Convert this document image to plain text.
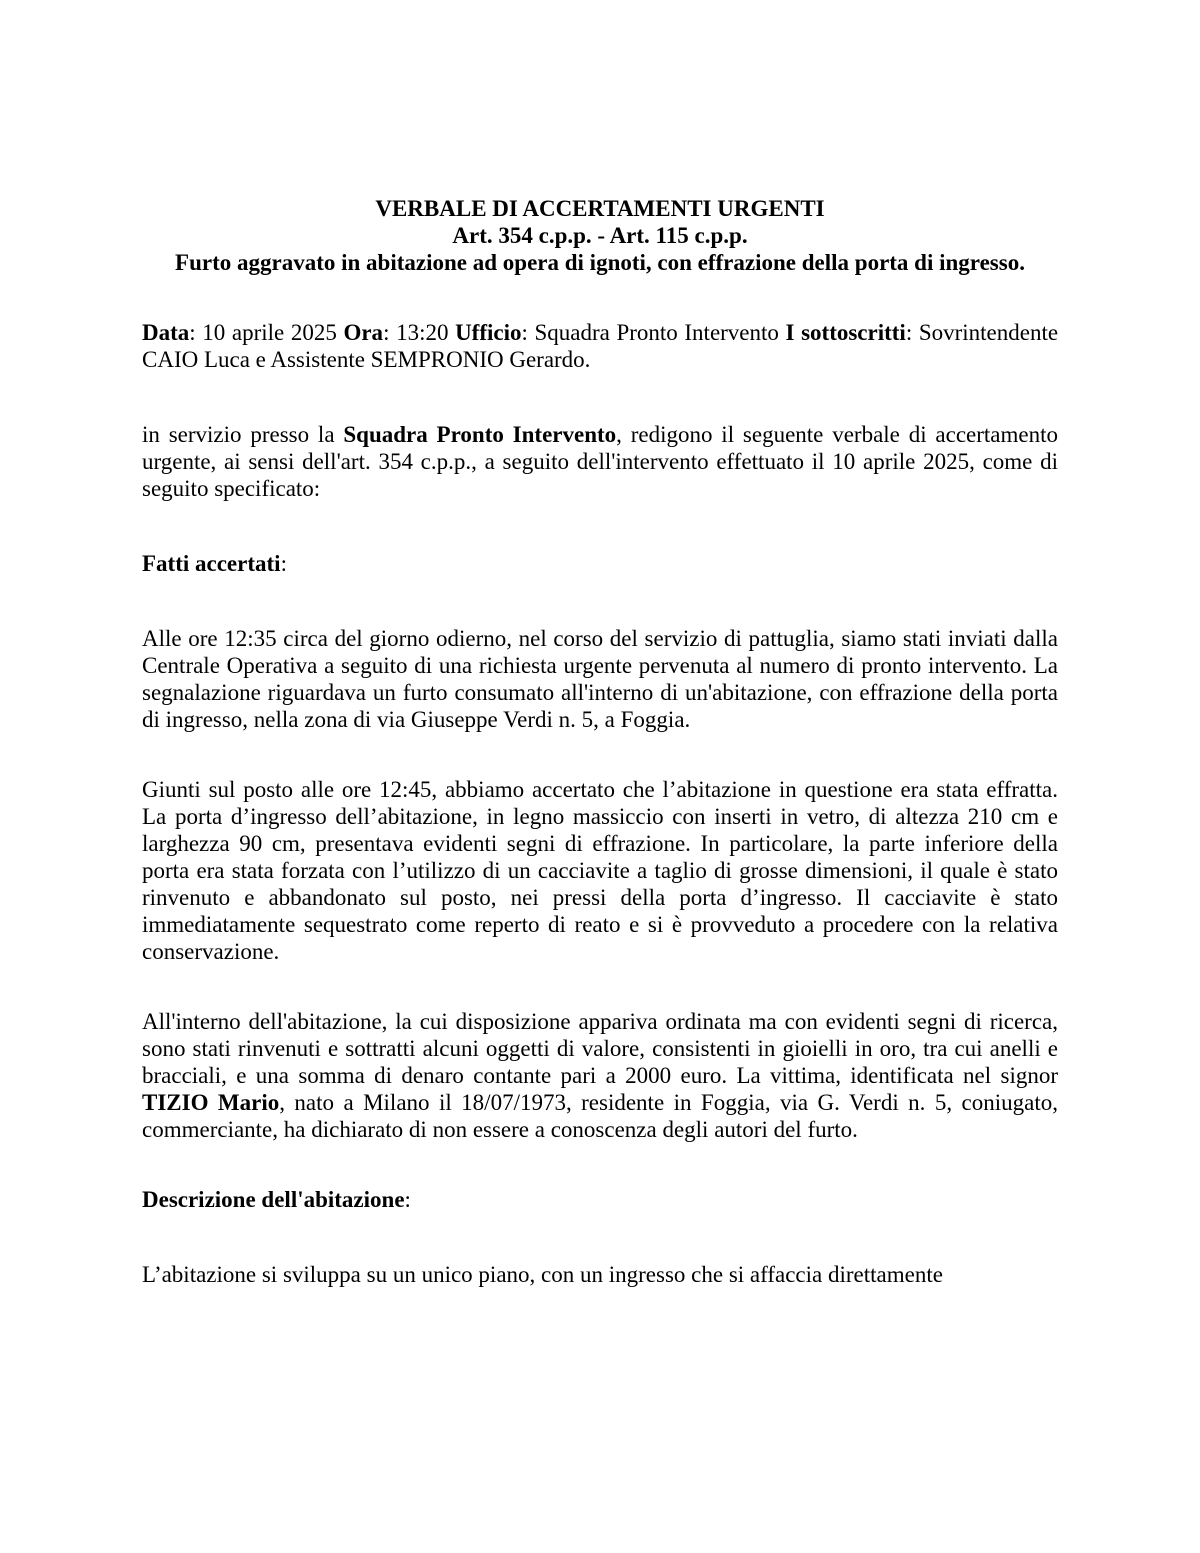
VERBALE DI ACCERTAMENTI URGENTI
Art. 354 c.p.p. - Art. 115 c.p.p.
Furto aggravato in abitazione ad opera di ignoti, con effrazione della porta di ingresso.

Data: 10 aprile 2025 Ora: 13:20 Ufficio: Squadra Pronto Intervento I sottoscritti: Sovrintendente CAIO Luca e Assistente SEMPRONIO Gerardo.

in servizio presso la Squadra Pronto Intervento, redigono il seguente verbale di accertamento urgente, ai sensi dell'art. 354 c.p.p., a seguito dell'intervento effettuato il 10 aprile 2025, come di seguito specificato:

Fatti accertati:

Alle ore 12:35 circa del giorno odierno, nel corso del servizio di pattuglia, siamo stati inviati dalla Centrale Operativa a seguito di una richiesta urgente pervenuta al numero di pronto intervento. La segnalazione riguardava un furto consumato all'interno di un'abitazione, con effrazione della porta di ingresso, nella zona di via Giuseppe Verdi n. 5, a Foggia.

Giunti sul posto alle ore 12:45, abbiamo accertato che l’abitazione in questione era stata effratta. La porta d’ingresso dell’abitazione, in legno massiccio con inserti in vetro, di altezza 210 cm e larghezza 90 cm, presentava evidenti segni di effrazione. In particolare, la parte inferiore della porta era stata forzata con l’utilizzo di un cacciavite a taglio di grosse dimensioni, il quale è stato rinvenuto e abbandonato sul posto, nei pressi della porta d’ingresso. Il cacciavite è stato immediatamente sequestrato come reperto di reato e si è provveduto a procedere con la relativa conservazione.

All'interno dell'abitazione, la cui disposizione appariva ordinata ma con evidenti segni di ricerca, sono stati rinvenuti e sottratti alcuni oggetti di valore, consistenti in gioielli in oro, tra cui anelli e bracciali, e una somma di denaro contante pari a 2000 euro. La vittima, identificata nel signor TIZIO Mario, nato a Milano il 18/07/1973, residente in Foggia, via G. Verdi n. 5, coniugato, commerciante, ha dichiarato di non essere a conoscenza degli autori del furto.

Descrizione dell'abitazione:

L’abitazione si sviluppa su un unico piano, con un ingresso che si affaccia direttamente
